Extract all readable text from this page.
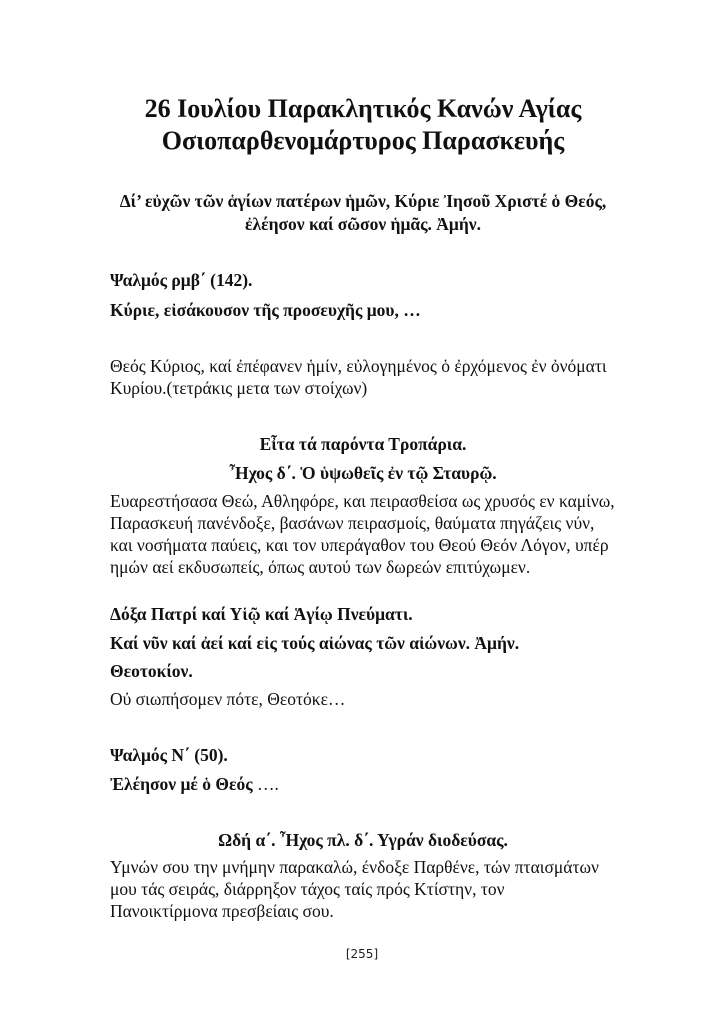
26 Ιουλίου Παρακλητικός Κανών Αγίας Οσιοπαρθενομάρτυρος Παρασκευής

Δί’ εὐχῶν τῶν ἁγίων πατέρων ἡμῶν, Κύριε Ἰησοῦ Χριστέ ὁ Θεός, ἐλέησον καί σῶσον ἡμᾶς. Ἀμήν.

Ψαλμός ρμβ΄ (142).

Κύριε, εἰσάκουσον τῆς προσευχῆς μου, …

Θεός Κύριος, καί ἐπέφανεν ἡμίν, εὐλογημένος ὁ ἐρχόμενος ἐν ὀνόματι Κυρίου.(τετράκις μετα των στοίχων)

Εἶτα τά παρόντα Τροπάρια.

Ἦχος δ΄. Ὁ ὑψωθεῖς ἐν τῷ Σταυρῷ.

Ευαρεστήσασα Θεώ, Αθληφόρε, και πειρασθείσα ως χρυσός εν καμίνω, Παρασκευή πανένδοξε, βασάνων πειρασμοίς, θαύματα πηγάζεις νύν, και νοσήματα παύεις, και τον υπεράγαθον του Θεού Θεόν Λόγον, υπέρ ημών αεί εκδυσωπείς, όπως αυτού των δωρεών επιτύχωμεν.

Δόξα Πατρί καί Υἱῷ καί Ἁγίῳ Πνεύματι.

Καί νῦν καί ἀεί καί εἰς τούς αἰώνας τῶν αἰώνων. Ἀμήν.

Θεοτοκίον.

Οὐ σιωπήσομεν πότε, Θεοτόκε…

Ψαλμός Ν΄ (50).

Ἐλέησον μέ ὁ Θεός ….

Ωδή α΄. Ἦχος πλ. δ΄. Υγράν διοδεύσας.

Υμνών σου την μνήμην παρακαλώ, ένδοξε Παρθένε, τών πταισμάτων μου τάς σειράς, διάρρηξον τάχος ταίς πρός Κτίστην, τον Πανοικτίρμονα πρεσβείαις σου.

[255]
